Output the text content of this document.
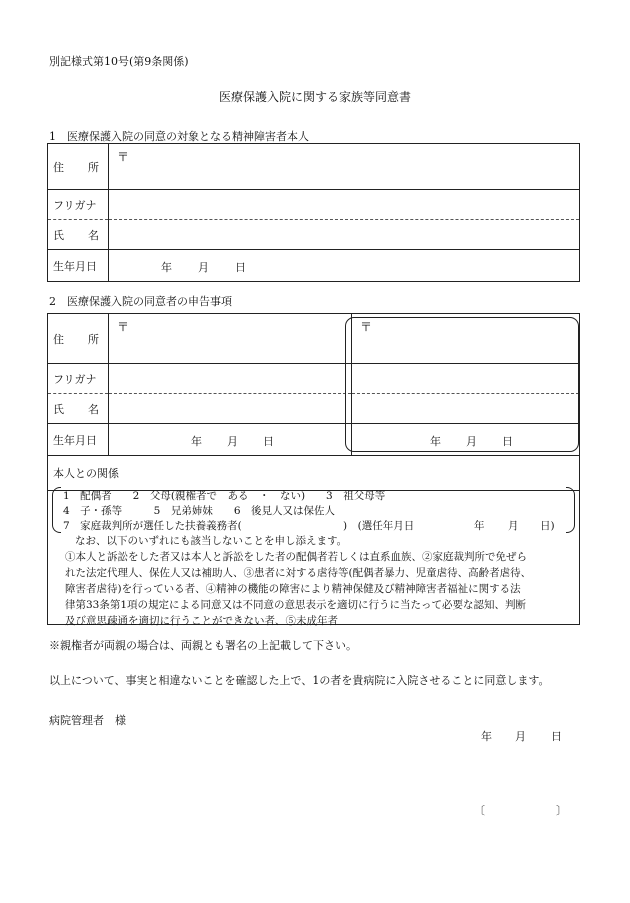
別記様式第10号(第9条関係)
医療保護入院に関する家族等同意書
1　医療保護入院の同意の対象となる精神障害者本人
住 所	〒
フリガナ	

氏 名	

生年月日	年 月 日
2　医療保護入院の同意者の申告事項
住 所	〒	〒
フリガナ		

氏 名		

生年月日	年 月 日	年 月 日

本人との関係		

1　配偶者　　2　父母(親権者で　ある　・　ない)　　3　祖父母等
4　子・孫等　　　5　兄弟姉妹　　6　後見人又は保佐人
7　家庭裁判所が選任した扶養義務者(	)　(選任年月日	年 月 日)
なお、以下のいずれにも該当しないことを申し添えます。
①本人と訴訟をした者又は本人と訴訟をした者の配偶者若しくは直系血族、②家庭裁判所で免ぜら
れた法定代理人、保佐人又は補助人、③患者に対する虐待等(配偶者暴力、児童虐待、高齢者虐待、
障害者虐待)を行っている者、④精神の機能の障害により精神保健及び精神障害者福祉に関する法
律第33条第1項の規定による同意又は不同意の意思表示を適切に行うに当たって必要な認知、判断
及び意思疎通を適切に行うことができない者、⑤未成年者
※親権者が両親の場合は、両親とも署名の上記載して下さい。
以上について、事実と相違ないことを確認した上で、1の者を貴病院に入院させることに同意します。
病院管理者　様
年 月 日
〔	〕
